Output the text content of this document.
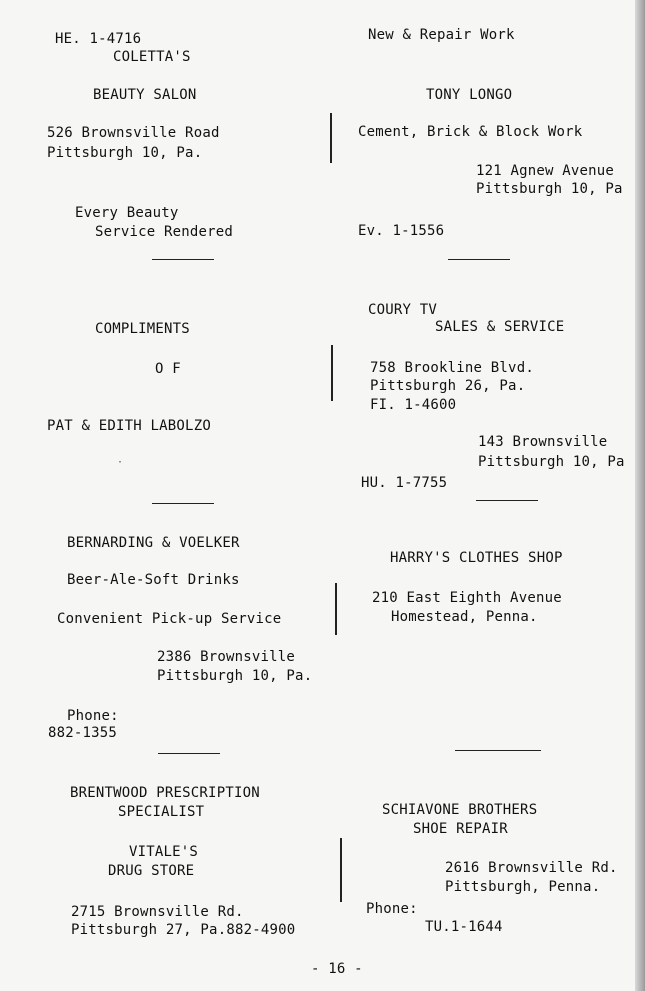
HE. 1-4716
COLETTA'S
BEAUTY SALON
526 Brownsville Road
Pittsburgh 10, Pa.
Every Beauty
Service Rendered
New & Repair Work
TONY LONGO
Cement, Brick & Block Work
121 Agnew Avenue
Pittsburgh 10, Pa
Ev. 1-1556
COMPLIMENTS
O F
PAT & EDITH LABOLZO
·
COURY TV
SALES & SERVICE
758 Brookline Blvd.
Pittsburgh 26, Pa.
FI. 1-4600
143 Brownsville
Pittsburgh 10, Pa
HU. 1-7755
BERNARDING & VOELKER
Beer-Ale-Soft Drinks
Convenient Pick-up Service
2386 Brownsville
Pittsburgh 10, Pa.
Phone:
882-1355
HARRY'S CLOTHES SHOP
210 East Eighth Avenue
Homestead, Penna.
BRENTWOOD PRESCRIPTION
SPECIALIST
VITALE'S
DRUG STORE
2715 Brownsville Rd.
Pittsburgh 27, Pa.882-4900
SCHIAVONE BROTHERS
SHOE REPAIR
2616 Brownsville Rd.
Pittsburgh, Penna.
Phone:
TU.1-1644
- 16 -
